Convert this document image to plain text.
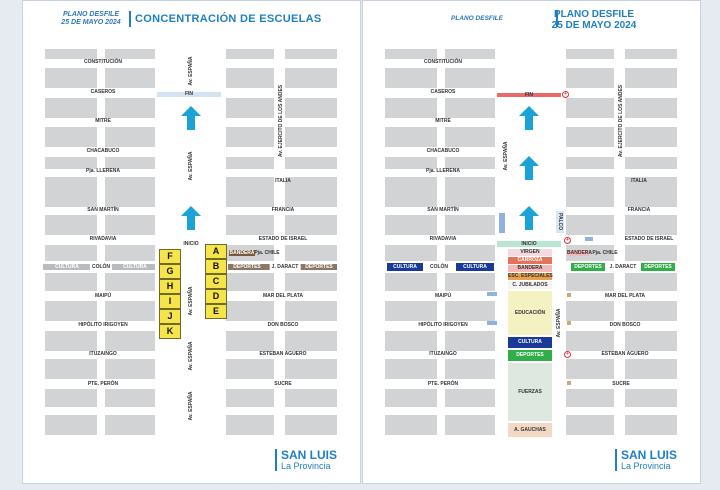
PLANO DESFILE
25 DE MAYO 2024	CONCENTRACIÓN DE ESCUELAS
Av. ESPAÑA
Av. ESPAÑA
Av. ESPAÑA
Av. ESPAÑA
Av. ESPAÑA
Av. EJERCITO DE LOS ANDES
FIN
INICIO
CULTURA	COLÓN	CULTURA
BANDERA Pja. CHILE
DEPORTES	J. DARACT	DEPORTES
F
G
H
I
J
K
A
B
C
D
E
CONSTITUCIÓN
CASEROS
MITRE
CHACABUCO
Pja. LLERENA
SAN MARTÍN
RIVADAVIA
MAIPÚ
HIPÓLITO IRIGOYEN
ITUZAINGO
PTE. PERÓN
ITALIA
FRANCIA
ESTADO DE ISRAEL
MAR DEL PLATA
DON BOSCO
ESTEBAN AGUERO
SUCRE
SAN LUIS
La Provincia
PLANO DESFILE	PLANO DESFILE
25 DE MAYO 2024
FIN	+
Av. ESPAÑA
Av. ESPAÑA
Av. EJERCITO DE LOS ANDES
PALCO
INICIO
VIRGEN
CARROZA
BANDERA
ESC. ESPECIALES
C. JUBILADOS
EDUCACIÓN
CULTURA
DEPORTES
FUERZAS
A. GAUCHAS
CULTURA	COLÓN	CULTURA	DEPORTES	J. DARACT	DEPORTES
BANDERA Pja. CHILE
+
+
CONSTITUCIÓN
CASEROS
MITRE
CHACABUCO
Pja. LLERENA
SAN MARTÍN
RIVADAVIA
MAIPÚ
HIPÓLITO IRIGOYEN
ITUZAINGO
PTE. PERÓN
ITALIA
FRANCIA
ESTADO DE ISRAEL
MAR DEL PLATA
DON BOSCO
ESTEBAN AGUERO
SUCRE
SAN LUIS
La Provincia
